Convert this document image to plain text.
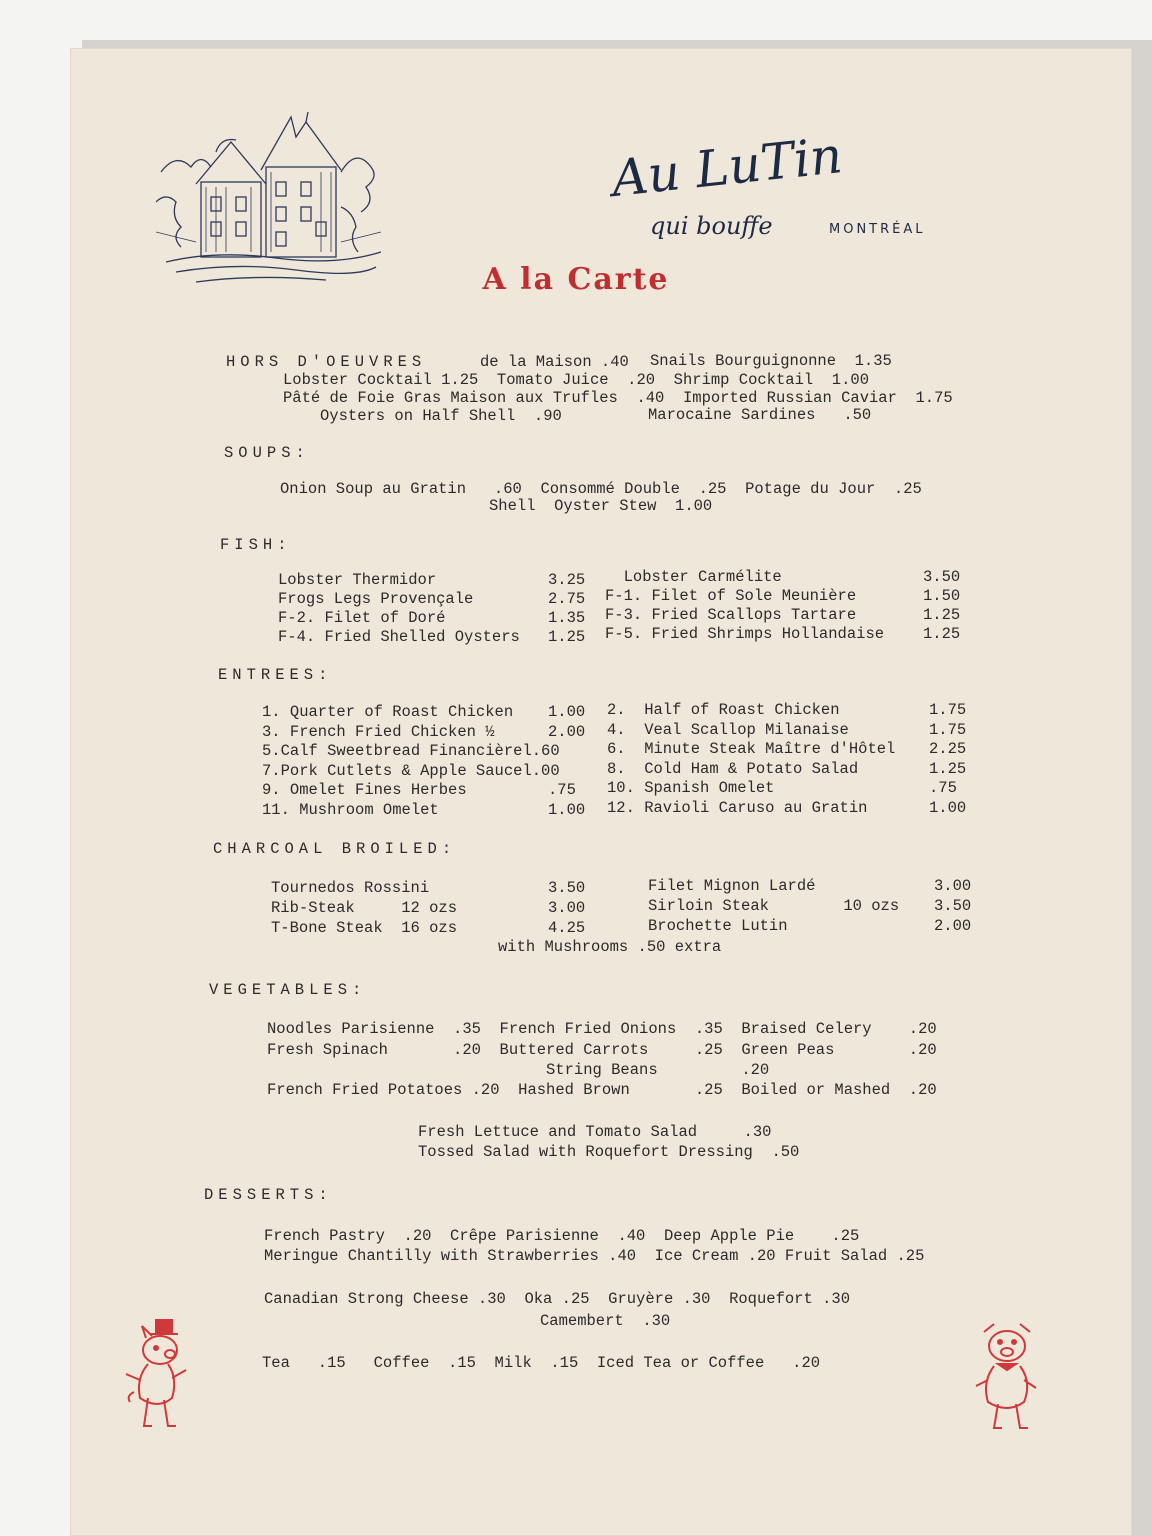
Au LuTin
qui bouffe	MONTRÉAL
A la Carte
HORS D'OEUVRES	de la Maison .40 Snails Bourguignonne  1.35
Lobster Cocktail 1.25  Tomato Juice  .20  Shrimp Cocktail  1.00
Pâté de Foie Gras Maison aux Trufles  .40  Imported Russian Caviar  1.75
Oysters on Half Shell  .90	Marocaine Sardines   .50
SOUPS:
Onion Soup au Gratin   .60  Consommé Double  .25  Potage du Jour  .25
Shell  Oyster Stew  1.00
FISH:
ENTREES:
CHARCOAL BROILED:
with Mushrooms .50 extra
VEGETABLES:
Noodles Parisienne  .35  French Fried Onions  .35  Braised Celery    .20
Fresh Spinach       .20  Buttered Carrots     .25  Green Peas        .20
String Beans         .20
French Fried Potatoes .20  Hashed Brown       .25  Boiled or Mashed  .20
Fresh Lettuce and Tomato Salad     .30
Tossed Salad with Roquefort Dressing  .50
DESSERTS:
French Pastry  .20  Crêpe Parisienne  .40  Deep Apple Pie    .25
Meringue Chantilly with Strawberries .40  Ice Cream .20 Fruit Salad .25
Canadian Strong Cheese .30  Oka .25  Gruyère .30  Roquefort .30
Camembert  .30
Tea   .15   Coffee  .15  Milk  .15  Iced Tea or Coffee   .20
Lobster Thermidor	3.25
Frogs Legs Provençale	2.75
F-2. Filet of Doré	1.35
F-4. Fried Shelled Oysters 1.25
Lobster Carmélite	3.50
F-1. Filet of Sole Meunière	1.50
F-3. Fried Scallops Tartare	1.25
F-5. Fried Shrimps Hollandaise	1.25
1. Quarter of Roast Chicken 1.00
3. French Fried Chicken ½	2.00
5.Calf Sweetbread Financièrel.60
7.Pork Cutlets & Apple Saucel.00
9. Omelet Fines Herbes	.75
11. Mushroom Omelet	1.00
2.  Half of Roast Chicken	1.75
4.  Veal Scallop Milanaise	1.75
6.  Minute Steak Maître d'Hôtel 2.25
8.  Cold Ham & Potato Salad	1.25
10. Spanish Omelet	.75
12. Ravioli Caruso au Gratin	1.00
Tournedos Rossini	3.50
Rib-Steak     12 ozs	3.00
T-Bone Steak  16 ozs	4.25
Filet Mignon Lardé	3.00
Sirloin Steak        10 ozs 3.50
Brochette Lutin	2.00
